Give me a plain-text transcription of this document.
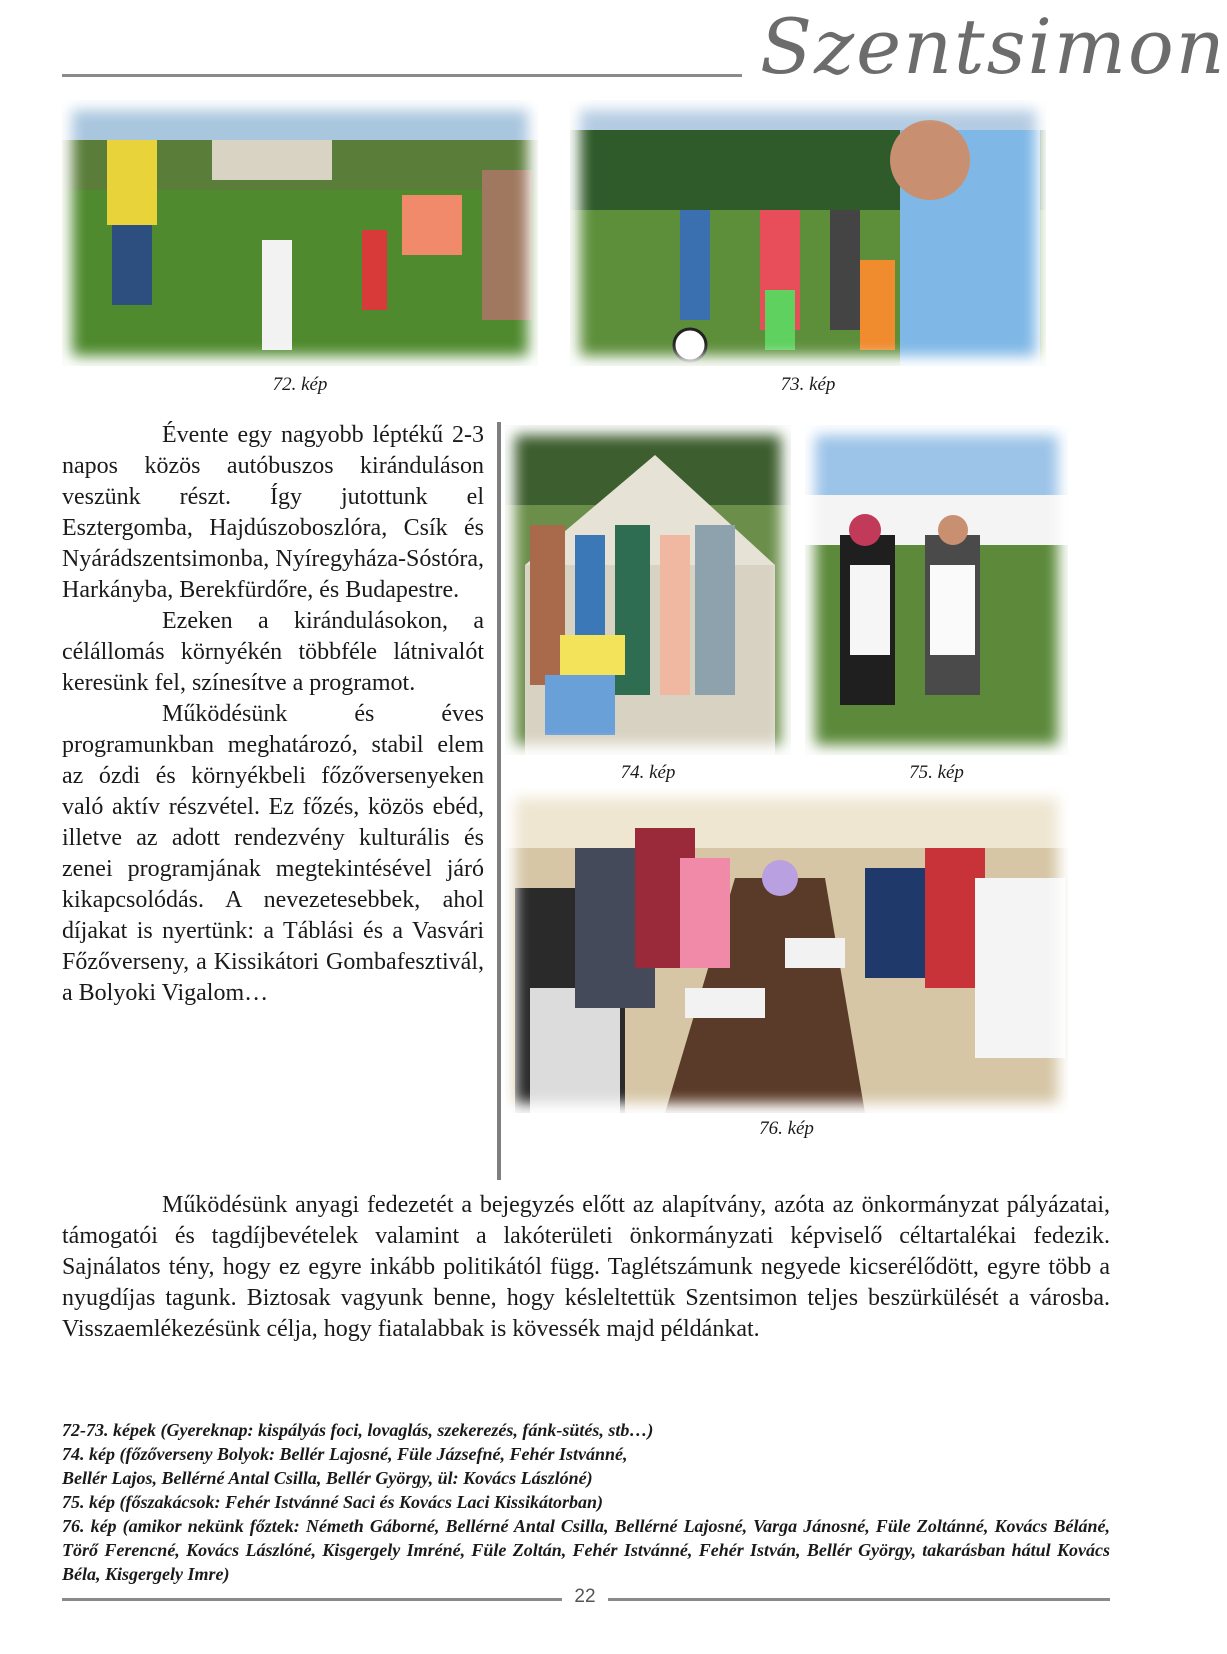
Szentsimon
72. kép	73. kép

Évente egy nagyobb léptékű 2-3 napos közös autóbuszos kiránduláson veszünk részt. Így jutottunk el Esztergomba, Hajdúszoboszlóra, Csík és Nyárádszentsimonba, Nyíregyháza-Sóstóra, Harkányba, Berekfürdőre, és Budapestre.

Ezeken a kirándulásokon, a célállomás környékén többféle látnivalót keresünk fel, színesítve a programot.

Működésünk és éves programunkban meghatározó, stabil elem az ózdi és környékbeli főzőversenyeken való aktív részvétel. Ez főzés, közös ebéd, illetve az adott rendezvény kulturális és zenei programjának megtekintésével járó kikapcsolódás. A nevezetesebbek, ahol díjakat is nyertünk: a Táblási és a Vasvári Főzőverseny, a Kissikátori Gombafesztivál, a Bolyoki Vigalom…

74. kép	75. kép
76. kép

Működésünk anyagi fedezetét a bejegyzés előtt az alapítvány, azóta az önkormányzat pályázatai, támogatói és tagdíjbevételek valamint a lakóterületi önkormányzati képviselő céltartalékai fedezik. Sajnálatos tény, hogy ez egyre inkább politikától függ. Taglétszámunk negyede kicserélődött, egyre több a nyugdíjas tagunk. Biztosak vagyunk benne, hogy késleltettük Szentsimon teljes beszürkülését a városba. Visszaemlékezésünk célja, hogy fiatalabbak is kövessék majd példánkat.

72-73. képek (Gyereknap: kispályás foci, lovaglás, szekerezés, fánk-sütés, stb…)
74. kép (főzőverseny Bolyok: Bellér Lajosné, Füle Jázsefné, Fehér Istvánné,
Bellér Lajos, Bellérné Antal Csilla, Bellér György, ül: Kovács Lászlóné)
75. kép (főszakácsok: Fehér Istvánné Saci és Kovács Laci Kissikátorban)
76. kép (amikor nekünk főztek: Németh Gáborné, Bellérné Antal Csilla, Bellérné Lajosné, Varga Jánosné, Füle Zoltánné, Kovács Béláné, Törő Ferencné, Kovács Lászlóné, Kisgergely Imréné, Füle Zoltán, Fehér Istvánné, Fehér István, Bellér György, takarásban hátul Kovács Béla, Kisgergely Imre)
22
